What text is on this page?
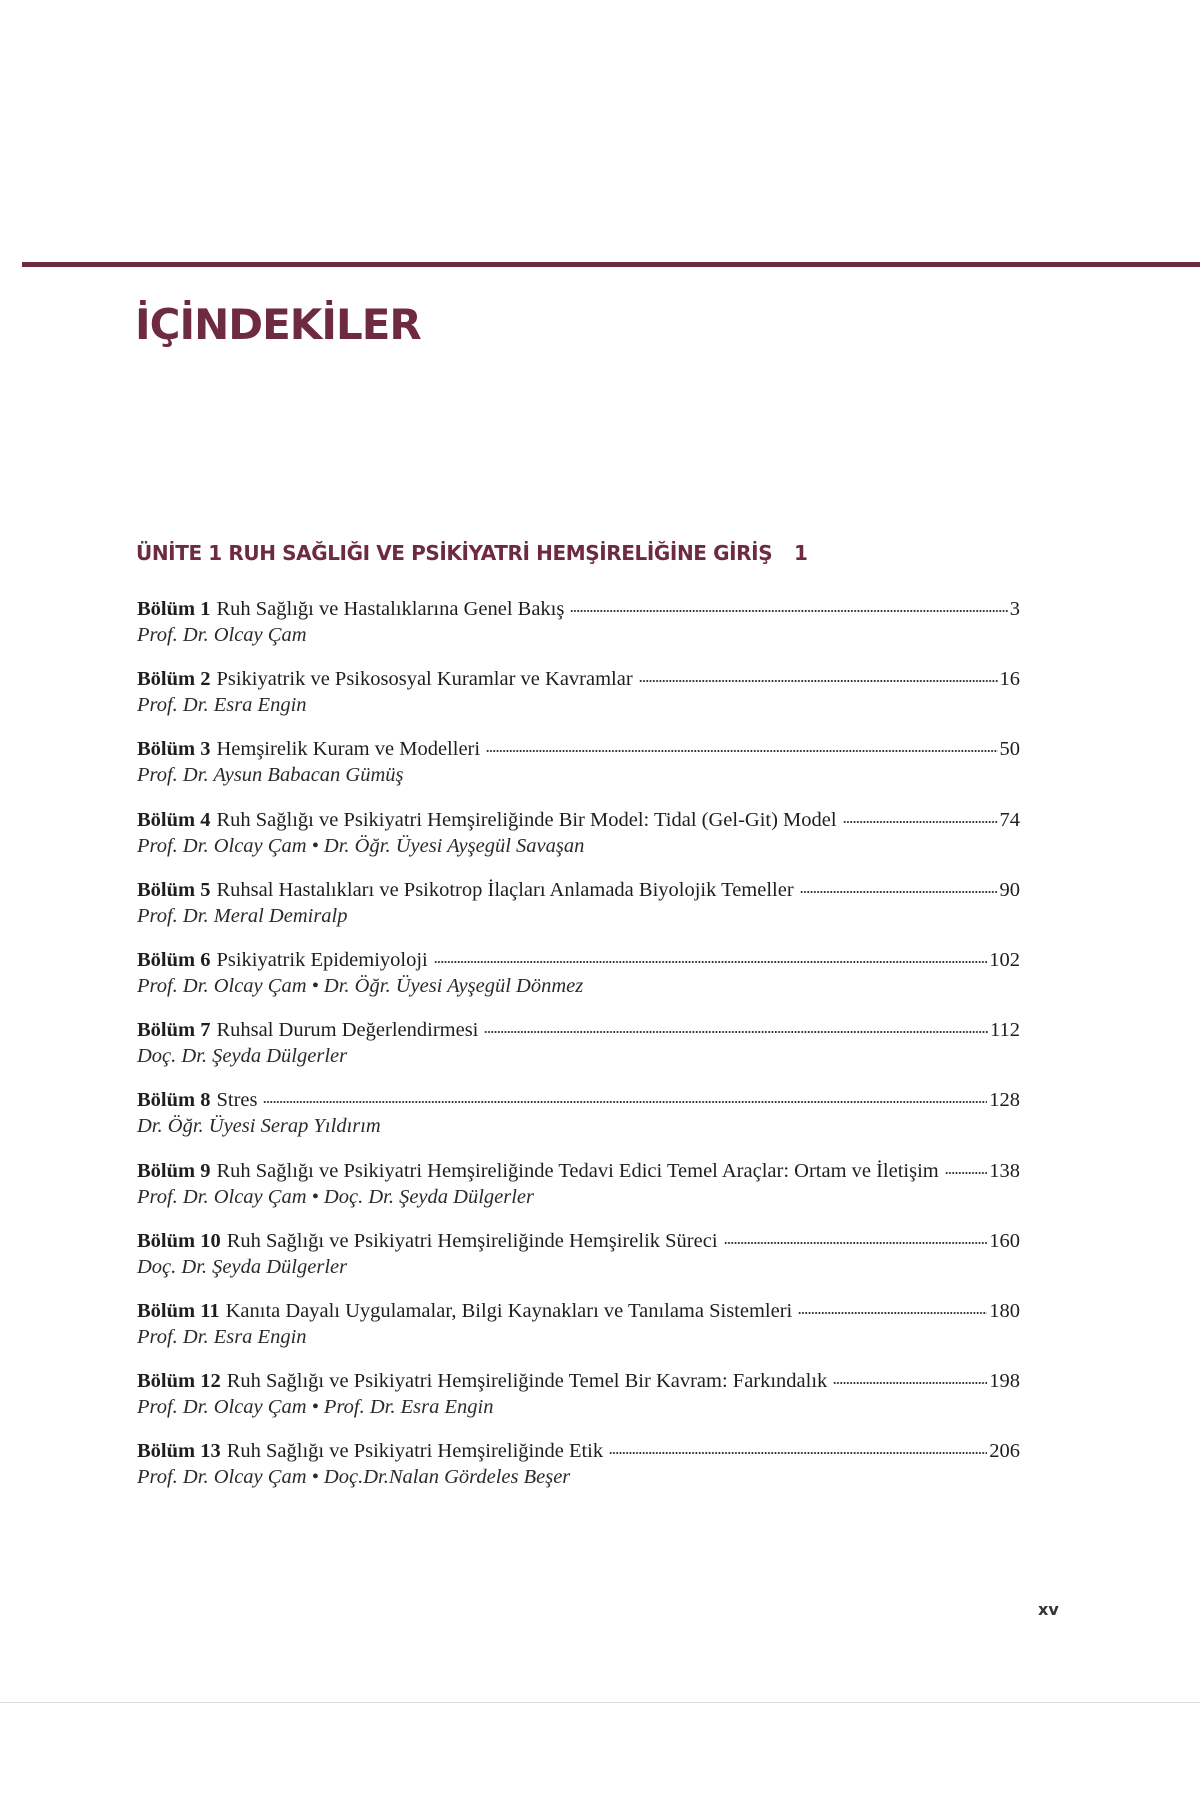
İÇİNDEKİLER
ÜNİTE 1 RUH SAĞLIĞI VE PSİKİYATRİ HEMŞİRELİĞİNE GİRİŞ 1
Bölüm 1 Ruh Sağlığı ve Hastalıklarına Genel Bakış	3
Prof. Dr. Olcay Çam
Bölüm 2 Psikiyatrik ve Psikososyal Kuramlar ve Kavramlar	16
Prof. Dr. Esra Engin
Bölüm 3 Hemşirelik Kuram ve Modelleri	50
Prof. Dr. Aysun Babacan Gümüş
Bölüm 4 Ruh Sağlığı ve Psikiyatri Hemşireliğinde Bir Model: Tidal (Gel-Git) Model	74
Prof. Dr. Olcay Çam • Dr. Öğr. Üyesi Ayşegül Savaşan
Bölüm 5 Ruhsal Hastalıkları ve Psikotrop İlaçları Anlamada Biyolojik Temeller	90
Prof. Dr. Meral Demiralp
Bölüm 6 Psikiyatrik Epidemiyoloji	102
Prof. Dr. Olcay Çam • Dr. Öğr. Üyesi Ayşegül Dönmez
Bölüm 7 Ruhsal Durum Değerlendirmesi	112
Doç. Dr. Şeyda Dülgerler
Bölüm 8 Stres	128
Dr. Öğr. Üyesi Serap Yıldırım
Bölüm 9 Ruh Sağlığı ve Psikiyatri Hemşireliğinde Tedavi Edici Temel Araçlar: Ortam ve İletişim 138
Prof. Dr. Olcay Çam • Doç. Dr. Şeyda Dülgerler
Bölüm 10 Ruh Sağlığı ve Psikiyatri Hemşireliğinde Hemşirelik Süreci	160
Doç. Dr. Şeyda Dülgerler
Bölüm 11 Kanıta Dayalı Uygulamalar, Bilgi Kaynakları ve Tanılama Sistemleri	180
Prof. Dr. Esra Engin
Bölüm 12 Ruh Sağlığı ve Psikiyatri Hemşireliğinde Temel Bir Kavram: Farkındalık	198
Prof. Dr. Olcay Çam • Prof. Dr. Esra Engin
Bölüm 13 Ruh Sağlığı ve Psikiyatri Hemşireliğinde Etik	206
Prof. Dr. Olcay Çam • Doç.Dr.Nalan Gördeles Beşer
xv
